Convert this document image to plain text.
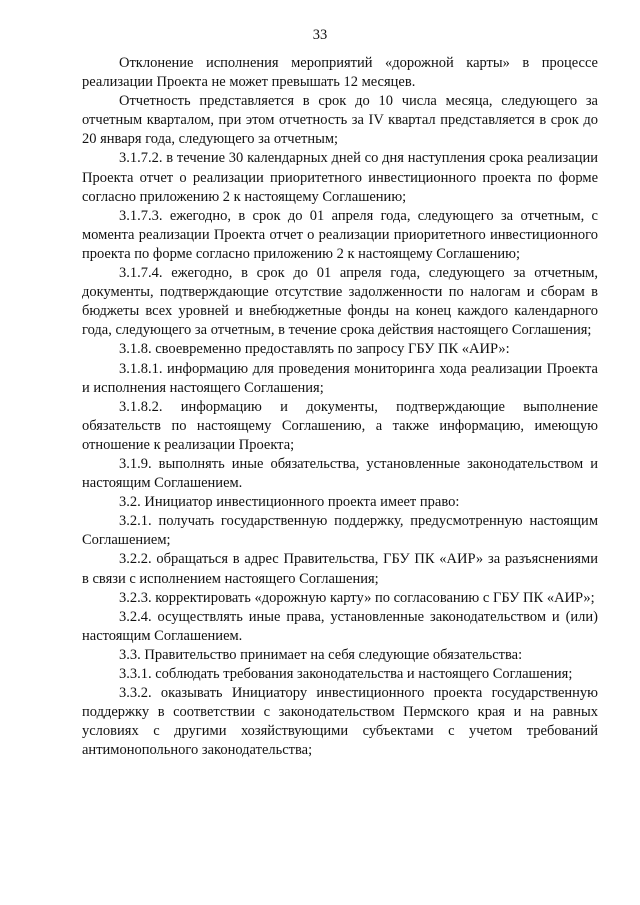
33

Отклонение исполнения мероприятий «дорожной карты» в процессе реализации Проекта не может превышать 12 месяцев.

Отчетность представляется в срок до 10 числа месяца, следующего за отчетным кварталом, при этом отчетность за IV квартал представляется в срок до 20 января года, следующего за отчетным;

3.1.7.2. в течение 30 календарных дней со дня наступления срока реализации Проекта отчет о реализации приоритетного инвестиционного проекта по форме согласно приложению 2 к настоящему Соглашению;

3.1.7.3. ежегодно, в срок до 01 апреля года, следующего за отчетным, с момента реализации Проекта отчет о реализации приоритетного инвестиционного проекта по форме согласно приложению 2 к настоящему Соглашению;

3.1.7.4. ежегодно, в срок до 01 апреля года, следующего за отчетным, документы, подтверждающие отсутствие задолженности по налогам и сборам в бюджеты всех уровней и внебюджетные фонды на конец каждого календарного года, следующего за отчетным, в течение срока действия настоящего Соглашения;

3.1.8. своевременно предоставлять по запросу ГБУ ПК «АИР»:

3.1.8.1. информацию для проведения мониторинга хода реализации Проекта и исполнения настоящего Соглашения;

3.1.8.2. информацию и документы, подтверждающие выполнение обязательств по настоящему Соглашению, а также информацию, имеющую отношение к реализации Проекта;

3.1.9. выполнять иные обязательства, установленные законодательством и настоящим Соглашением.

3.2. Инициатор инвестиционного проекта имеет право:

3.2.1. получать государственную поддержку, предусмотренную настоящим Соглашением;

3.2.2. обращаться в адрес Правительства, ГБУ ПК «АИР» за разъяснениями в связи с исполнением настоящего Соглашения;

3.2.3. корректировать «дорожную карту» по согласованию с ГБУ ПК «АИР»;

3.2.4. осуществлять иные права, установленные законодательством и (или) настоящим Соглашением.

3.3. Правительство принимает на себя следующие обязательства:

3.3.1. соблюдать требования законодательства и настоящего Соглашения;

3.3.2. оказывать Инициатору инвестиционного проекта государственную поддержку в соответствии с законодательством Пермского края и на равных условиях с другими хозяйствующими субъектами с учетом требований антимонопольного законодательства;
